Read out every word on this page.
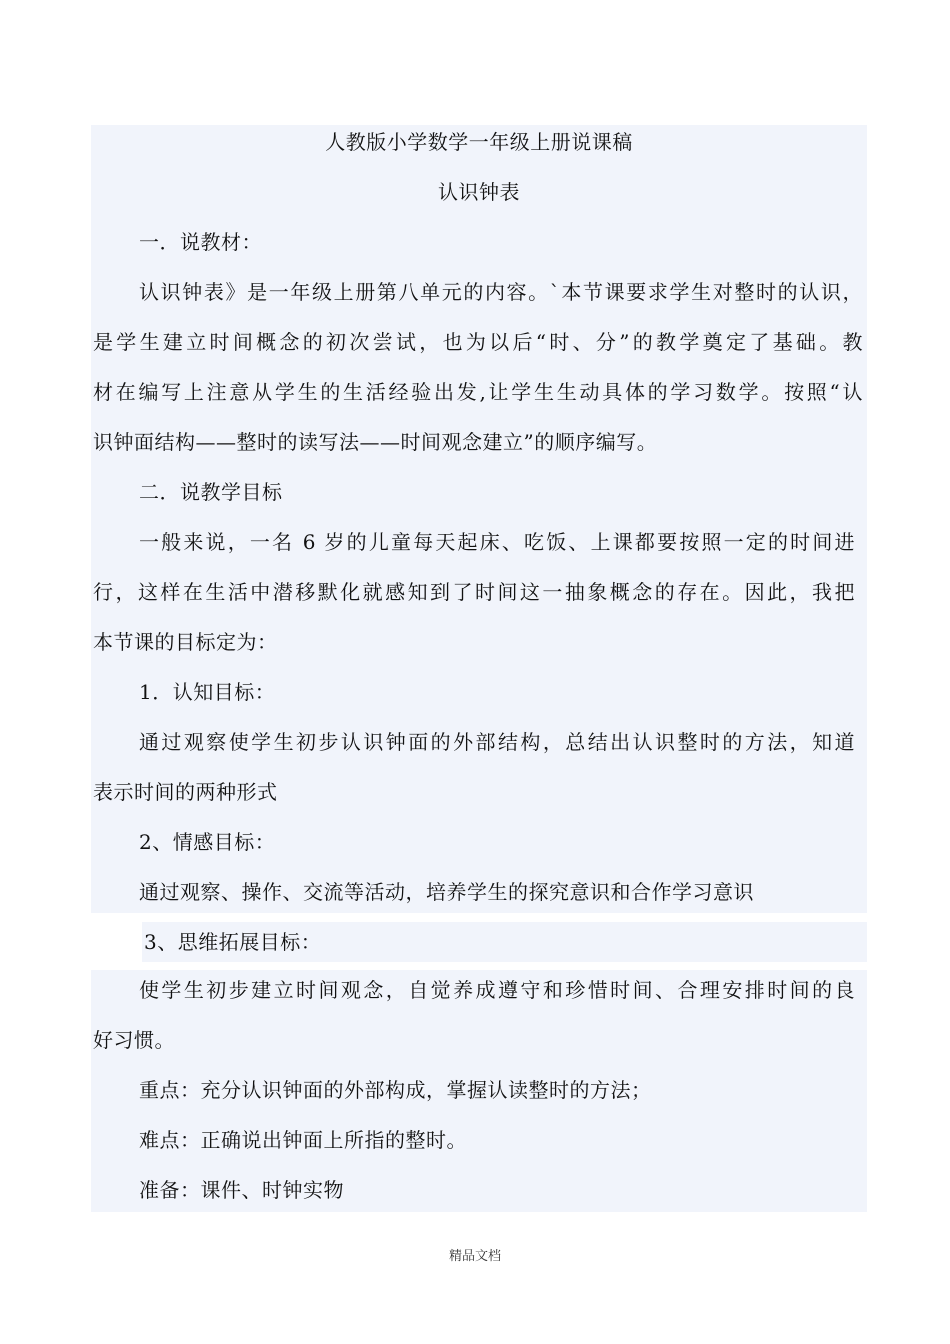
人教版小学数学一年级上册说课稿
认识钟表
一．说教材：
认识钟表》是一年级上册第八单元的内容。`本节课要求学生对整时的认识，
是学生建立时间概念的初次尝试，也为以后“时、分”的教学奠定了基础。教
材在编写上注意从学生的生活经验出发,让学生生动具体的学习数学。按照“认
识钟面结构——整时的读写法——时间观念建立”的顺序编写。
二．说教学目标
一般来说，一名 6 岁的儿童每天起床、吃饭、上课都要按照一定的时间进
行，这样在生活中潜移默化就感知到了时间这一抽象概念的存在。因此，我把
本节课的目标定为：
1．认知目标：
通过观察使学生初步认识钟面的外部结构，总结出认识整时的方法，知道
表示时间的两种形式
2、情感目标：
通过观察、操作、交流等活动，培养学生的探究意识和合作学习意识
3、思维拓展目标：
使学生初步建立时间观念，自觉养成遵守和珍惜时间、合理安排时间的良
好习惯。
重点：充分认识钟面的外部构成，掌握认读整时的方法；
难点：正确说出钟面上所指的整时。
准备：课件、时钟实物
精品文档
